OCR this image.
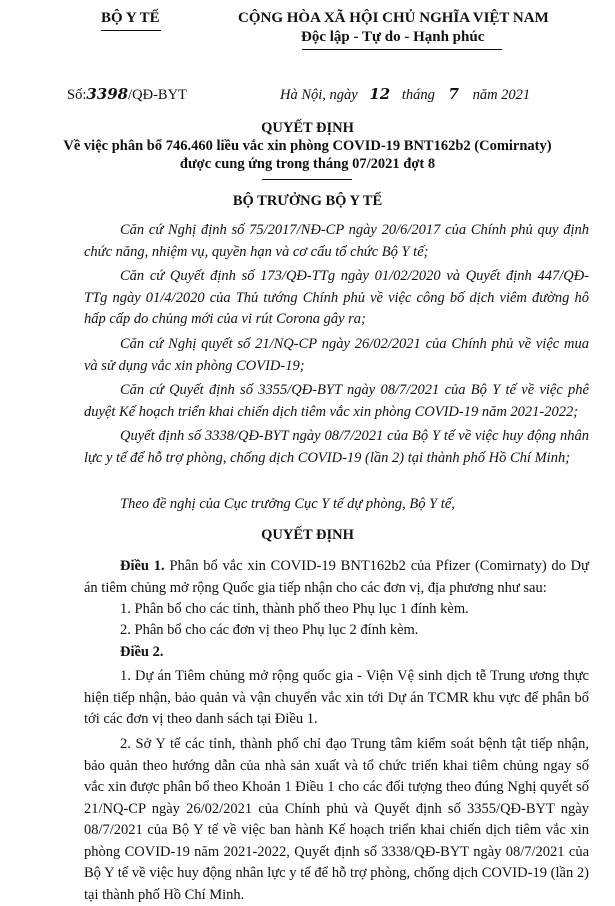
BỘ Y TẾ	CỘNG HÒA XÃ HỘI CHỦ NGHĨA VIỆT NAM
Độc lập - Tự do - Hạnh phúc
Số:3398/QĐ-BYT	Hà Nội, ngày 12 tháng 7 năm 2021
QUYẾT ĐỊNH
Về việc phân bổ 746.460 liều vắc xin phòng COVID-19 BNT162b2 (Comirnaty)
được cung ứng trong tháng 07/2021 đợt 8
BỘ TRƯỞNG BỘ Y TẾ
Căn cứ Nghị định số 75/2017/NĐ-CP ngày 20/6/2017 của Chính phủ quy định chức năng, nhiệm vụ, quyền hạn và cơ cấu tổ chức Bộ Y tế;
Căn cứ Quyết định số 173/QĐ-TTg ngày 01/02/2020 và Quyết định 447/QĐ-TTg ngày 01/4/2020 của Thủ tướng Chính phủ về việc công bố dịch viêm đường hô hấp cấp do chủng mới của vi rút Corona gây ra;
Căn cứ Nghị quyết số 21/NQ-CP ngày 26/02/2021 của Chính phủ về việc mua và sử dụng vắc xin phòng COVID-19;
Căn cứ Quyết định số 3355/QĐ-BYT ngày 08/7/2021 của Bộ Y tế về việc phê duyệt Kế hoạch triển khai chiến dịch tiêm vắc xin phòng COVID-19 năm 2021-2022;
Quyết định số 3338/QĐ-BYT ngày 08/7/2021 của Bộ Y tế về việc huy động nhân lực y tế để hỗ trợ phòng, chống dịch COVID-19 (lần 2) tại thành phố Hồ Chí Minh;
Theo đề nghị của Cục trưởng Cục Y tế dự phòng, Bộ Y tế,
QUYẾT ĐỊNH
Điều 1. Phân bổ vắc xin COVID-19 BNT162b2 của Pfizer (Comirnaty) do Dự án tiêm chủng mở rộng Quốc gia tiếp nhận cho các đơn vị, địa phương như sau:
1. Phân bổ cho các tỉnh, thành phố theo Phụ lục 1 đính kèm.
2. Phân bổ cho các đơn vị theo Phụ lục 2 đính kèm.
Điều 2.
1. Dự án Tiêm chủng mở rộng quốc gia - Viện Vệ sinh dịch tễ Trung ương thực hiện tiếp nhận, bảo quản và vận chuyển vắc xin tới Dự án TCMR khu vực để phân bổ tới các đơn vị theo danh sách tại Điều 1.
2. Sở Y tế các tỉnh, thành phố chỉ đạo Trung tâm kiểm soát bệnh tật tiếp nhận, bảo quản theo hướng dẫn của nhà sản xuất và tổ chức triển khai tiêm chủng ngay số vắc xin được phân bổ theo Khoản 1 Điều 1 cho các đối tượng theo đúng Nghị quyết số 21/NQ-CP ngày 26/02/2021 của Chính phủ và Quyết định số 3355/QĐ-BYT ngày 08/7/2021 của Bộ Y tế về việc ban hành Kế hoạch triển khai chiến dịch tiêm vắc xin phòng COVID-19 năm 2021-2022, Quyết định số 3338/QĐ-BYT ngày 08/7/2021 của Bộ Y tế về việc huy động nhân lực y tế để hỗ trợ phòng, chống dịch COVID-19 (lần 2) tại thành phố Hồ Chí Minh.
